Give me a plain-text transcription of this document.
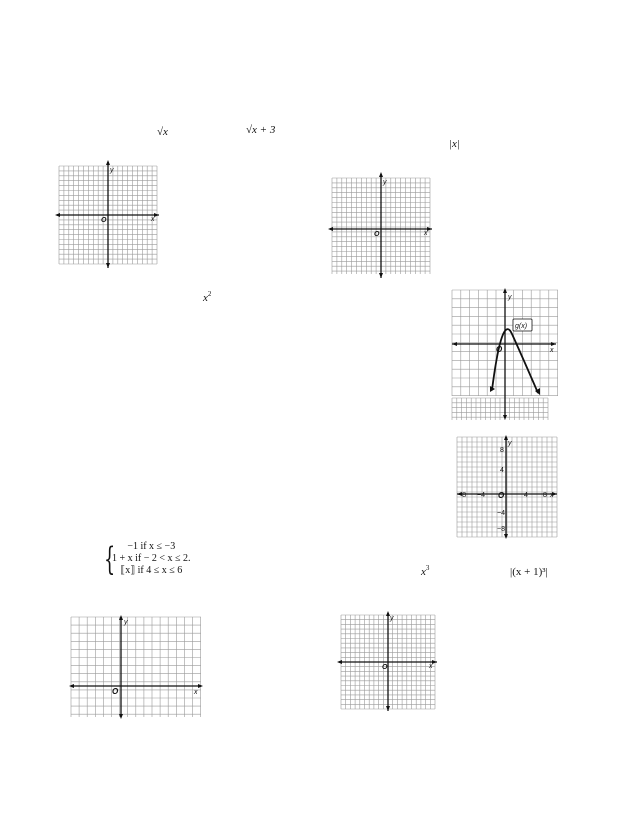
√x	√x + 3
|x|
$x^2$
$x^3$	|(x + 1)³|
{	−1 if x ≤ −3
1 + x if − 2 < x ≤ 2.
⟦x⟧ if 4 ≤ x ≤ 6
O	x
y
O	x
y
g(x)
O	x
y
−8 −4 O	4 8 x
8
4
−4
−8
y
O	x
y
O	x
y
